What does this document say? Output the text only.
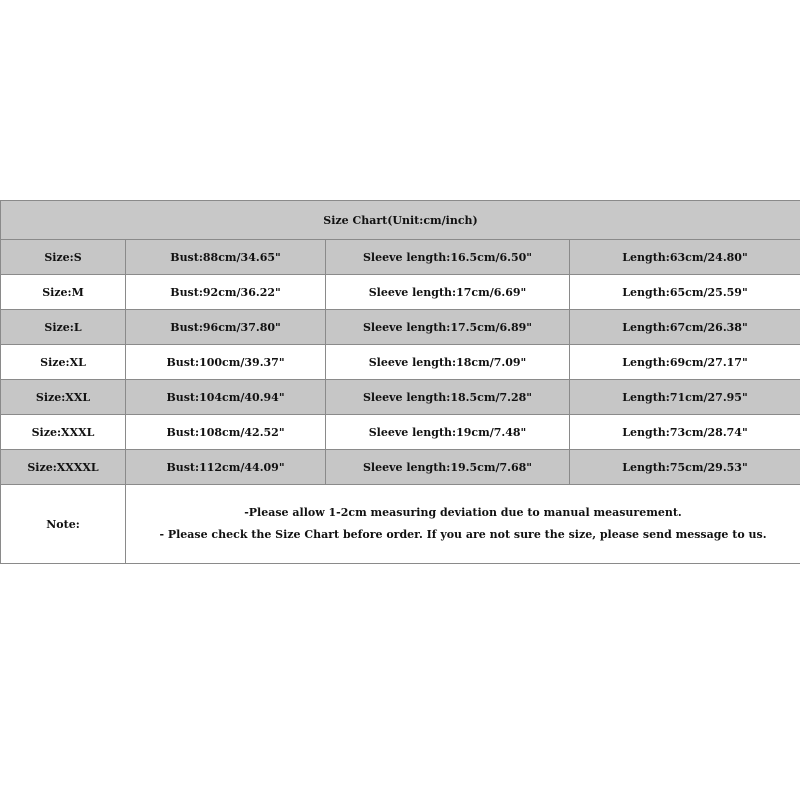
Size Chart(Unit:cm/inch)			
Size:S	Bust:88cm/34.65"	Sleeve length:16.5cm/6.50"	Length:63cm/24.80"
Size:M	Bust:92cm/36.22"	Sleeve length:17cm/6.69"	Length:65cm/25.59"
Size:L	Bust:96cm/37.80"	Sleeve length:17.5cm/6.89"	Length:67cm/26.38"
Size:XL	Bust:100cm/39.37"	Sleeve length:18cm/7.09"	Length:69cm/27.17"
Size:XXL	Bust:104cm/40.94"	Sleeve length:18.5cm/7.28"	Length:71cm/27.95"
Size:XXXL	Bust:108cm/42.52"	Sleeve length:19cm/7.48"	Length:73cm/28.74"
Size:XXXXL	Bust:112cm/44.09"	Sleeve length:19.5cm/7.68"	Length:75cm/29.53"
Note:	-Please allow 1-2cm measuring deviation due to manual measurement.
- Please check the Size Chart before order. If you are not sure the size, please send message to us.		
